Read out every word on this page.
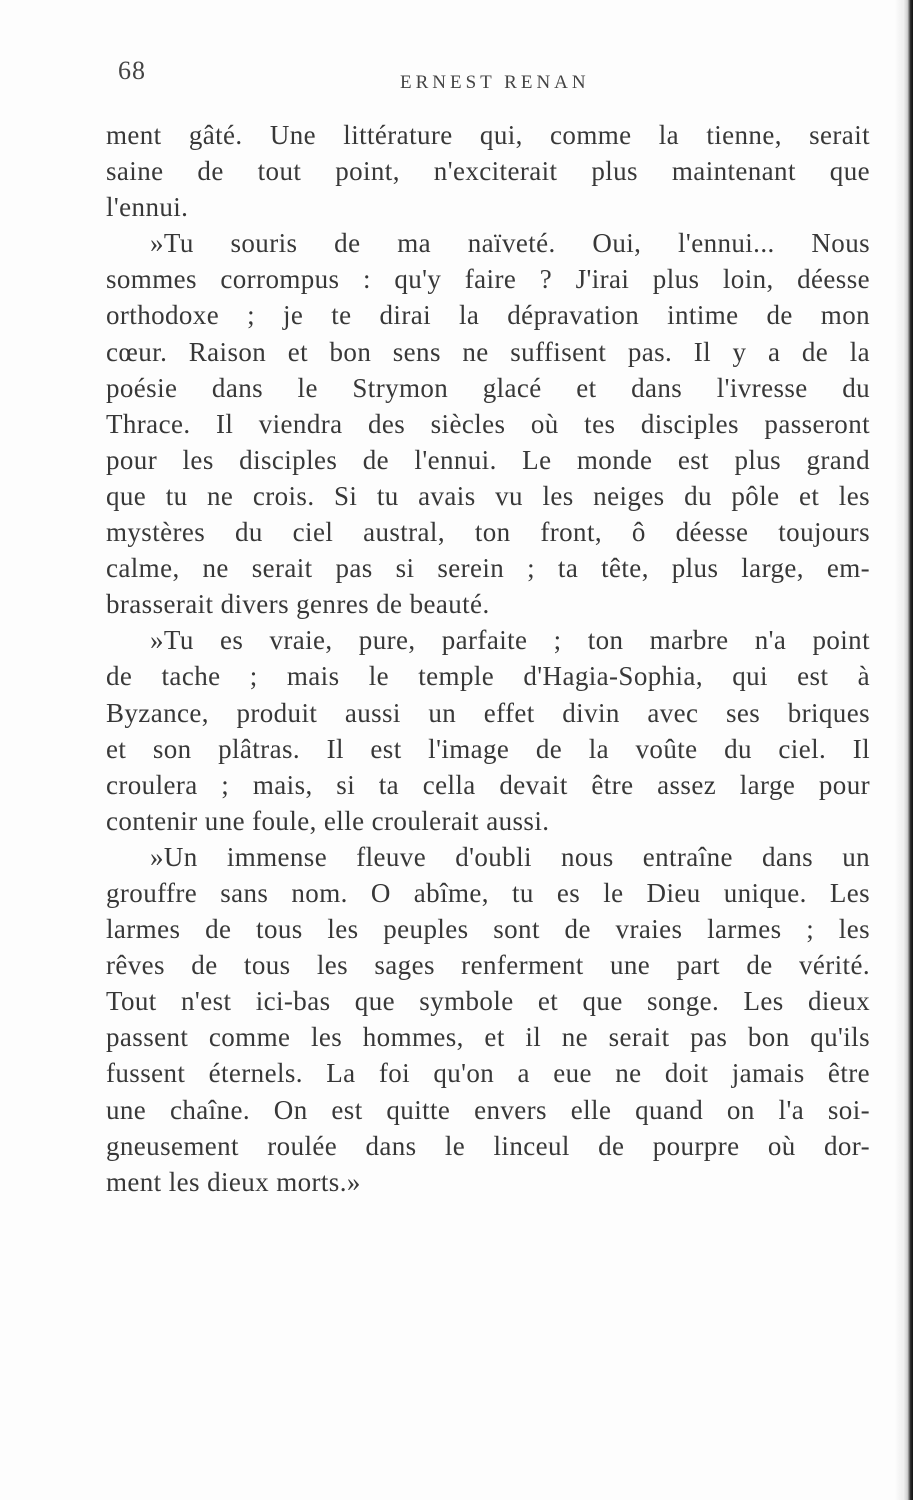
68	ERNEST RENAN
ment gâté. Une littérature qui, comme la tienne, serait
saine de tout point, n'exciterait plus maintenant que
l'ennui.
»Tu souris de ma naïveté. Oui, l'ennui... Nous
sommes corrompus : qu'y faire ? J'irai plus loin, déesse
orthodoxe ; je te dirai la dépravation intime de mon
cœur. Raison et bon sens ne suffisent pas. Il y a de la
poésie dans le Strymon glacé et dans l'ivresse du
Thrace. Il viendra des siècles où tes disciples passeront
pour les disciples de l'ennui. Le monde est plus grand
que tu ne crois. Si tu avais vu les neiges du pôle et les
mystères du ciel austral, ton front, ô déesse toujours
calme, ne serait pas si serein ; ta tête, plus large, em-
brasserait divers genres de beauté.
»Tu es vraie, pure, parfaite ; ton marbre n'a point
de tache ; mais le temple d'Hagia-Sophia, qui est à
Byzance, produit aussi un effet divin avec ses briques
et son plâtras. Il est l'image de la voûte du ciel. Il
croulera ; mais, si ta cella devait être assez large pour
contenir une foule, elle croulerait aussi.
»Un immense fleuve d'oubli nous entraîne dans un
grouffre sans nom. O abîme, tu es le Dieu unique. Les
larmes de tous les peuples sont de vraies larmes ; les
rêves de tous les sages renferment une part de vérité.
Tout n'est ici-bas que symbole et que songe. Les dieux
passent comme les hommes, et il ne serait pas bon qu'ils
fussent éternels. La foi qu'on a eue ne doit jamais être
une chaîne. On est quitte envers elle quand on l'a soi-
gneusement roulée dans le linceul de pourpre où dor-
ment les dieux morts.»
